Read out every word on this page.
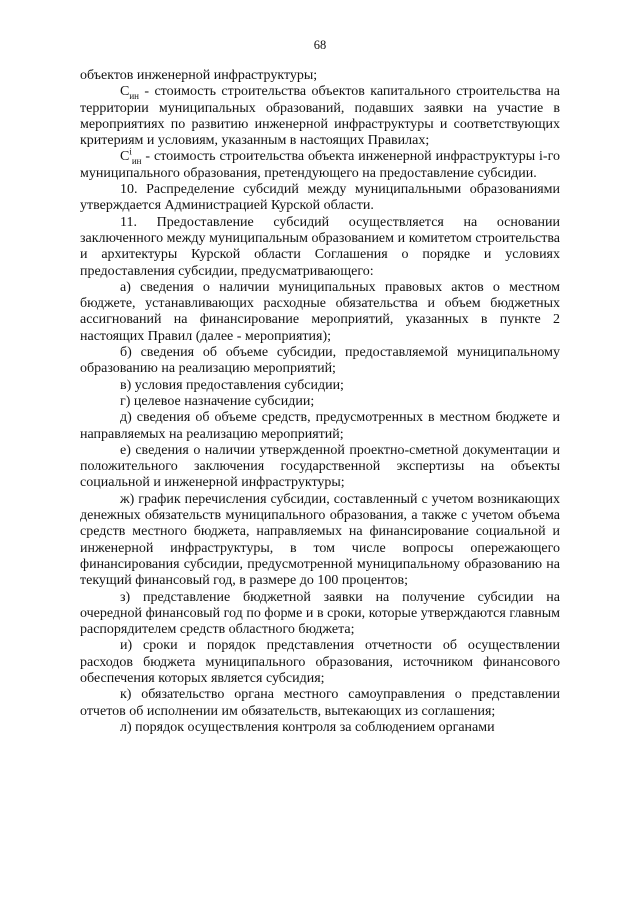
68

объектов инженерной инфраструктуры;

$С_{ин}$ - стоимость строительства объектов капитального строительства на территории муниципальных образований, подавших заявки на участие в мероприятиях по развитию инженерной инфраструктуры и соответствующих критериям и условиям, указанным в настоящих Правилах;

$С^i_{ин}$ - стоимость строительства объекта инженерной инфраструктуры i-го муниципального образования, претендующего на предоставление субсидии.

10. Распределение субсидий между муниципальными образованиями утверждается Администрацией Курской области.

11. Предоставление субсидий осуществляется на основании заключенного между муниципальным образованием и комитетом строительства и архитектуры Курской области Соглашения о порядке и условиях предоставления субсидии, предусматривающего:

а) сведения о наличии муниципальных правовых актов о местном бюджете, устанавливающих расходные обязательства и объем бюджетных ассигнований на финансирование мероприятий, указанных в пункте 2 настоящих Правил (далее - мероприятия);

б) сведения об объеме субсидии, предоставляемой муниципальному образованию на реализацию мероприятий;

в) условия предоставления субсидии;

г) целевое назначение субсидии;

д) сведения об объеме средств, предусмотренных в местном бюджете и направляемых на реализацию мероприятий;

е) сведения о наличии утвержденной проектно-сметной документации и положительного заключения государственной экспертизы на объекты социальной и инженерной инфраструктуры;

ж) график перечисления субсидии, составленный с учетом возникающих денежных обязательств муниципального образования, а также с учетом объема средств местного бюджета, направляемых на финансирование социальной и инженерной инфраструктуры, в том числе вопросы опережающего финансирования субсидии, предусмотренной муниципальному образованию на текущий финансовый год, в размере до 100 процентов;

з) представление бюджетной заявки на получение субсидии на очередной финансовый год по форме и в сроки, которые утверждаются главным распорядителем средств областного бюджета;

и) сроки и порядок представления отчетности об осуществлении расходов бюджета муниципального образования, источником финансового обеспечения которых является субсидия;

к) обязательство органа местного самоуправления о представлении отчетов об исполнении им обязательств, вытекающих из соглашения;

л) порядок осуществления контроля за соблюдением органами
